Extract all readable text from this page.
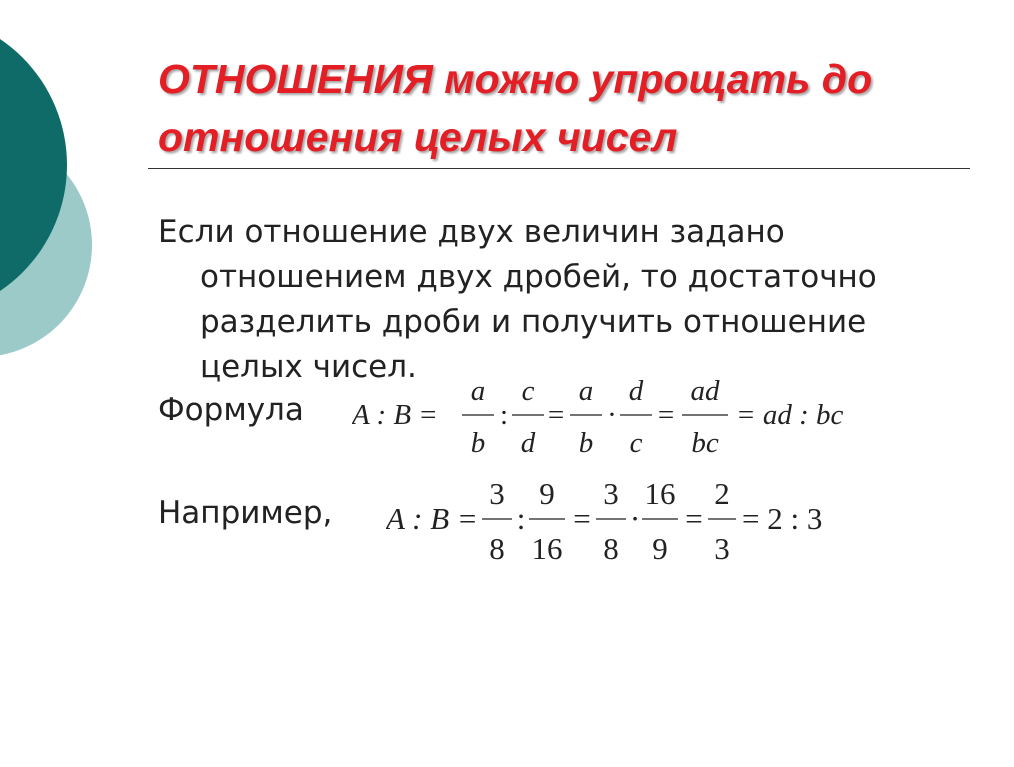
ОТНОШЕНИЯ можно упрощать до
отношения целых чисел

Если отношение двух величин задано
отношением двух дробей, то достаточно
разделить дроби и получить отношение
целых чисел.

Формула A : B =
a
b
:
c
d
=
a
b
·
d
c
=
ad
bc
= ad : bc
Например, A : B =
3
8
:
9
16
=
3
8
·
16
9
=
2
3
= 2 : 3
